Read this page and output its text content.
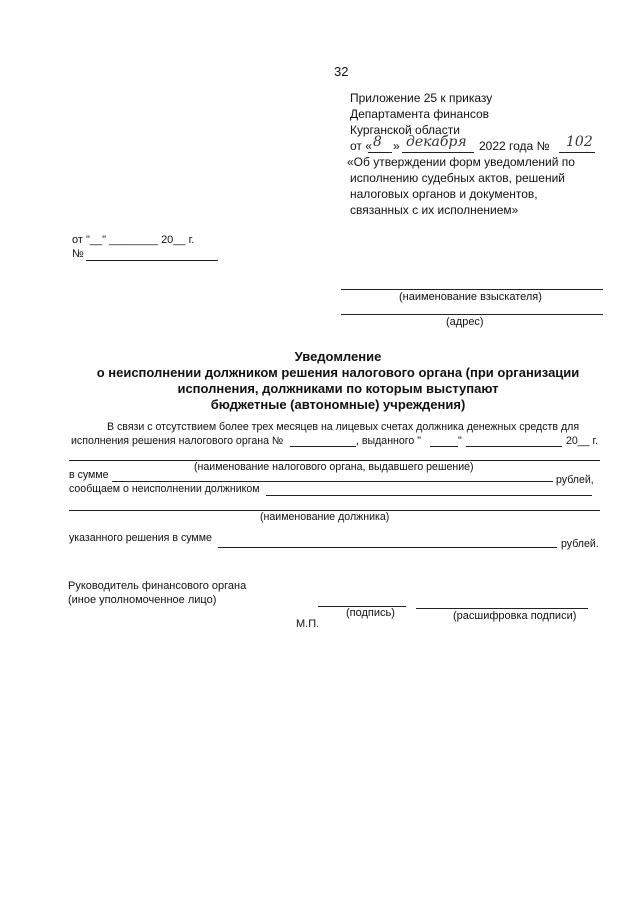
32
Приложение 25 к приказу
Департамента финансов
Курганской области
от « 8 » декабря 2022 года № 102
«Об утверждении форм уведомлений по
исполнению судебных актов, решений
налоговых органов и документов,
связанных с их исполнением»
от "__" ________ 20__ г.
№
(наименование взыскателя)
(адрес)
Уведомление
о неисполнении должником решения налогового органа (при организации
исполнения, должниками по которым выступают
бюджетные (автономные) учреждения)
В связи с отсутствием более трех месяцев на лицевых счетах должника денежных средств для
исполнения решения налогового органа №	, выданного "	"	20__ г.
(наименование налогового органа, выдавшего решение)
в сумме	рублей,
сообщаем о неисполнении должником
(наименование должника)
указанного решения в сумме	рублей.
Руководитель финансового органа
(иное уполномоченное лицо)
(подпись)	(расшифровка подписи)
М.П.
